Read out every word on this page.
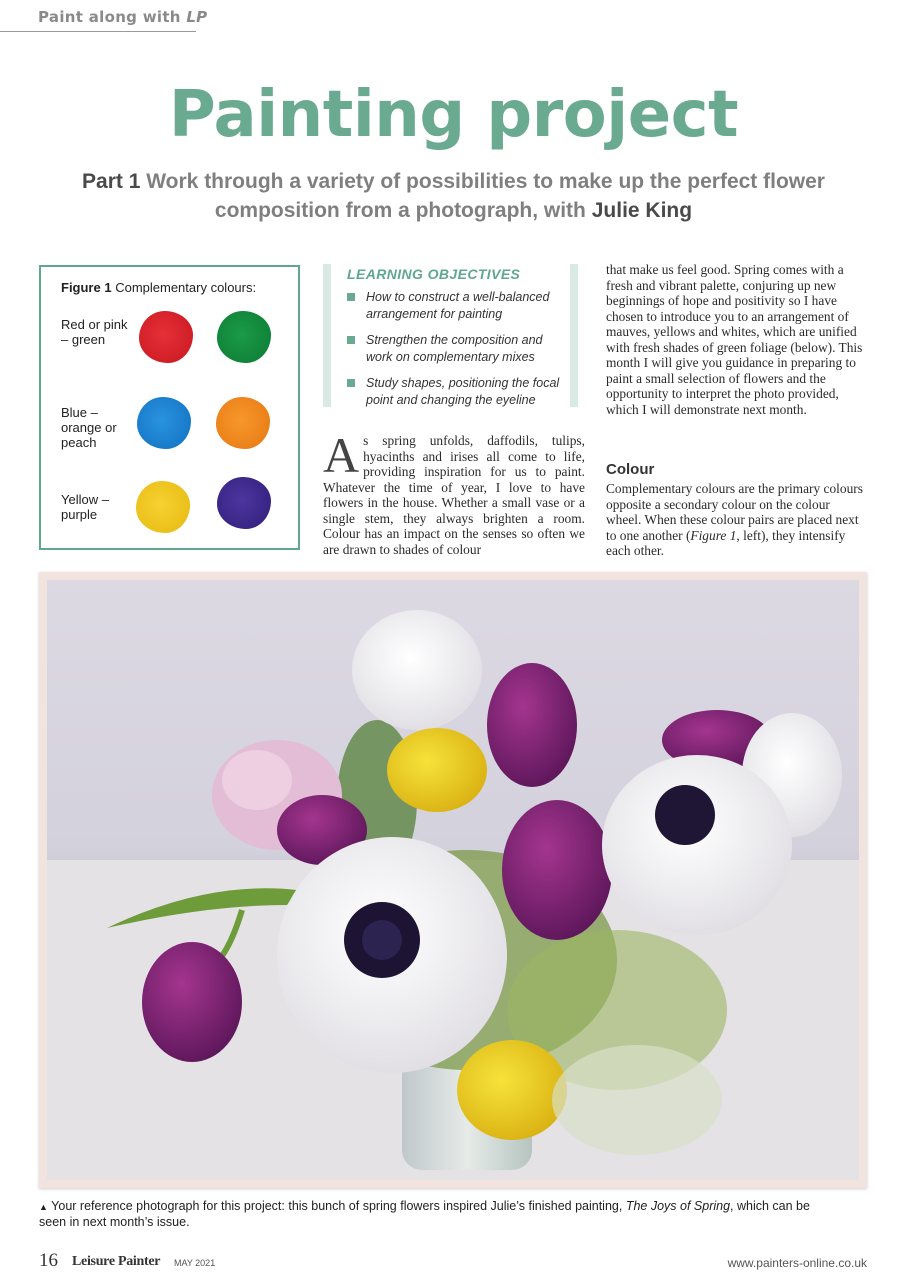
Paint along with LP
Painting project
Part 1 Work through a variety of possibilities to make up the perfect flower composition from a photograph, with Julie King
Figure 1 Complementary colours:
Red or pink – green
Blue – orange or peach
Yellow – purple
LEARNING OBJECTIVES
How to construct a well-balanced arrangement for painting
Strengthen the composition and work on complementary mixes
Study shapes, positioning the focal point and changing the eyeline
As spring unfolds, daffodils, tulips, hyacinths and irises all come to life, providing inspiration for us to paint. Whatever the time of year, I love to have flowers in the house. Whether a small vase or a single stem, they always brighten a room. Colour has an impact on the senses so often we are drawn to shades of colour
that make us feel good. Spring comes with a fresh and vibrant palette, conjuring up new beginnings of hope and positivity so I have chosen to introduce you to an arrangement of mauves, yellows and whites, which are unified with fresh shades of green foliage (below). This month I will give you guidance in preparing to paint a small selection of flowers and the opportunity to interpret the photo provided, which I will demonstrate next month.
Colour
Complementary colours are the primary colours opposite a secondary colour on the colour wheel. When these colour pairs are placed next to one another (Figure 1, left), they intensify each other.
▲ Your reference photograph for this project: this bunch of spring flowers inspired Julie’s finished painting, The Joys of Spring, which can be seen in next month’s issue.
16 Leisure Painter MAY 2021	www.painters-online.co.uk
